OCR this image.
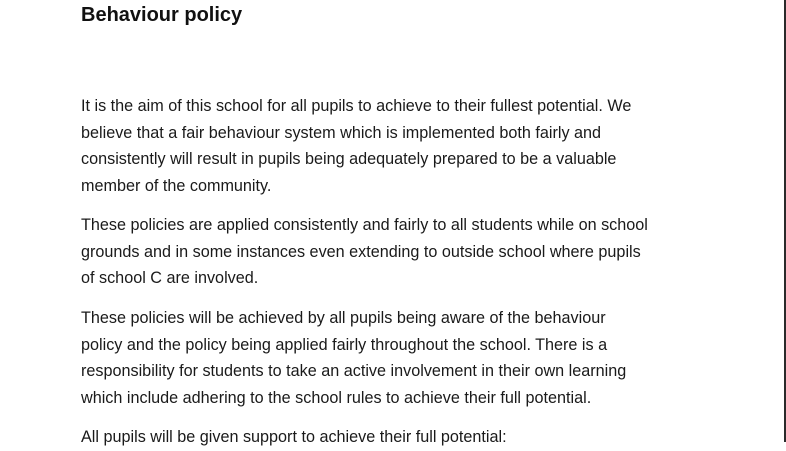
Behaviour policy

It is the aim of this school for all pupils to achieve to their fullest potential. We
believe that a fair behaviour system which is implemented both fairly and
consistently will result in pupils being adequately prepared to be a valuable
member of the community.

These policies are applied consistently and fairly to all students while on school
grounds and in some instances even extending to outside school where pupils
of school C are involved.

These policies will be achieved by all pupils being aware of the behaviour
policy and the policy being applied fairly throughout the school. There is a
responsibility for students to take an active involvement in their own learning
which include adhering to the school rules to achieve their full potential.

All pupils will be given support to achieve their full potential:
